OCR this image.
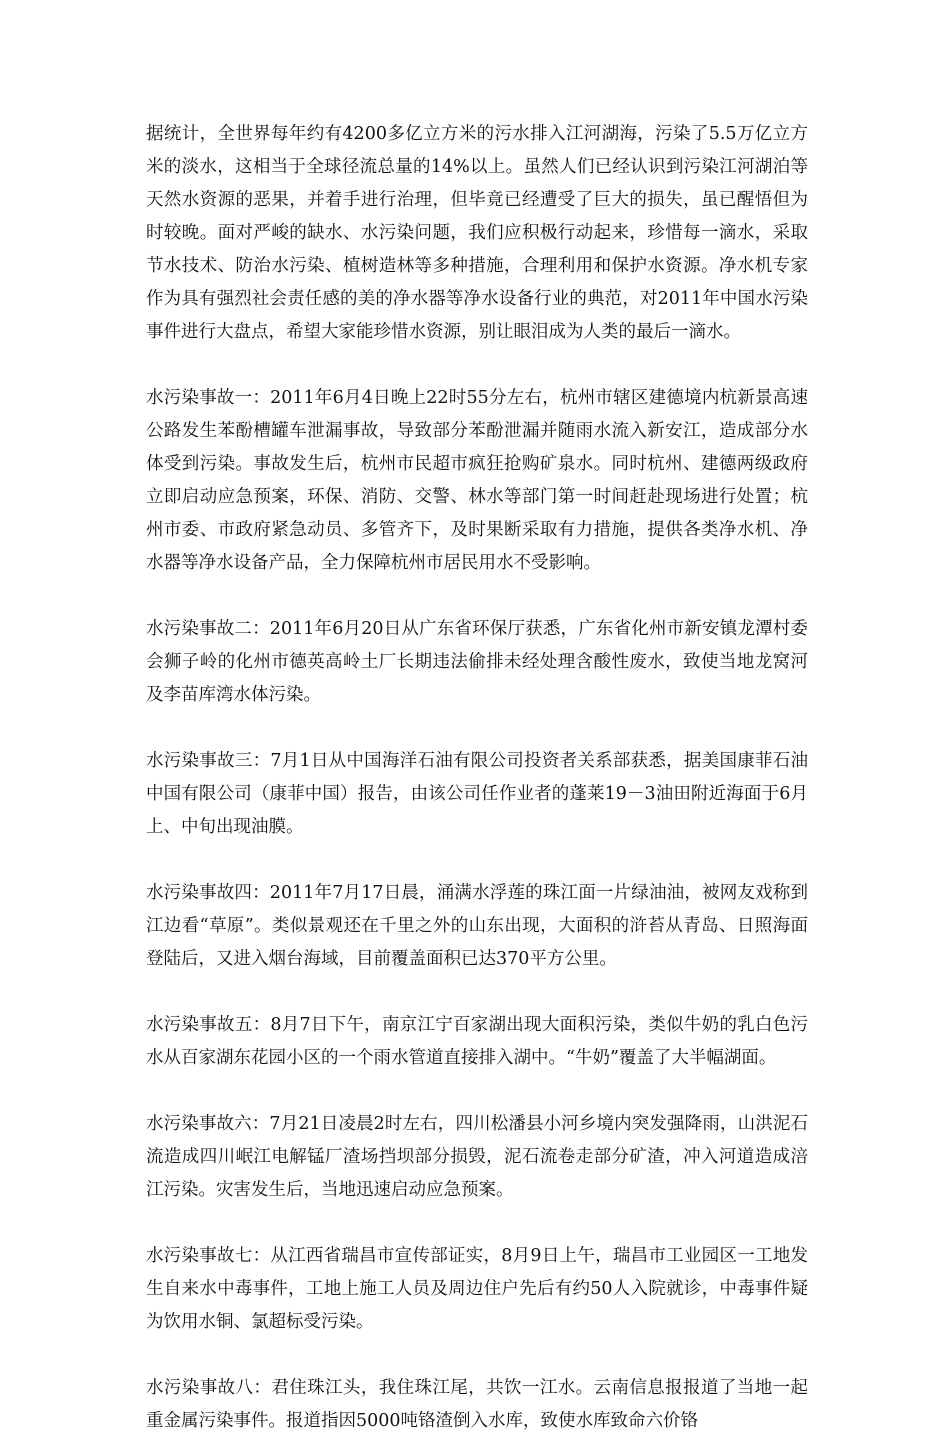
据统计，全世界每年约有4200多亿立方米的污水排入江河湖海，污染了5.5万亿立方米的淡水，这相当于全球径流总量的14%以上。虽然人们已经认识到污染江河湖泊等天然水资源的恶果，并着手进行治理，但毕竟已经遭受了巨大的损失，虽已醒悟但为时较晚。面对严峻的缺水、水污染问题，我们应积极行动起来，珍惜每一滴水，采取节水技术、防治水污染、植树造林等多种措施，合理利用和保护水资源。净水机专家作为具有强烈社会责任感的美的净水器等净水设备行业的典范，对2011年中国水污染事件进行大盘点，希望大家能珍惜水资源，别让眼泪成为人类的最后一滴水。

水污染事故一：2011年6月4日晚上22时55分左右，杭州市辖区建德境内杭新景高速公路发生苯酚槽罐车泄漏事故，导致部分苯酚泄漏并随雨水流入新安江，造成部分水体受到污染。事故发生后，杭州市民超市疯狂抢购矿泉水。同时杭州、建德两级政府立即启动应急预案，环保、消防、交警、林水等部门第一时间赶赴现场进行处置；杭州市委、市政府紧急动员、多管齐下，及时果断采取有力措施，提供各类净水机、净水器等净水设备产品，全力保障杭州市居民用水不受影响。

水污染事故二：2011年6月20日从广东省环保厅获悉，广东省化州市新安镇龙潭村委会狮子岭的化州市德英高岭土厂长期违法偷排未经处理含酸性废水，致使当地龙窝河及李苗库湾水体污染。

水污染事故三：7月1日从中国海洋石油有限公司投资者关系部获悉，据美国康菲石油中国有限公司（康菲中国）报告，由该公司任作业者的蓬莱19－3油田附近海面于6月上、中旬出现油膜。

水污染事故四：2011年7月17日晨，涌满水浮莲的珠江面一片绿油油，被网友戏称到江边看“草原”。类似景观还在千里之外的山东出现，大面积的浒苔从青岛、日照海面登陆后，又进入烟台海域，目前覆盖面积已达370平方公里。

水污染事故五：8月7日下午，南京江宁百家湖出现大面积污染，类似牛奶的乳白色污水从百家湖东花园小区的一个雨水管道直接排入湖中。“牛奶”覆盖了大半幅湖面。

水污染事故六：7月21日凌晨2时左右，四川松潘县小河乡境内突发强降雨，山洪泥石流造成四川岷江电解锰厂渣场挡坝部分损毁，泥石流卷走部分矿渣，冲入河道造成涪江污染。灾害发生后，当地迅速启动应急预案。

水污染事故七：从江西省瑞昌市宣传部证实，8月9日上午，瑞昌市工业园区一工地发生自来水中毒事件，工地上施工人员及周边住户先后有约50人入院就诊，中毒事件疑为饮用水铜、氯超标受污染。

水污染事故八：君住珠江头，我住珠江尾，共饮一江水。云南信息报报道了当地一起重金属污染事件。报道指因5000吨铬渣倒入水库，致使水库致命六价铬
